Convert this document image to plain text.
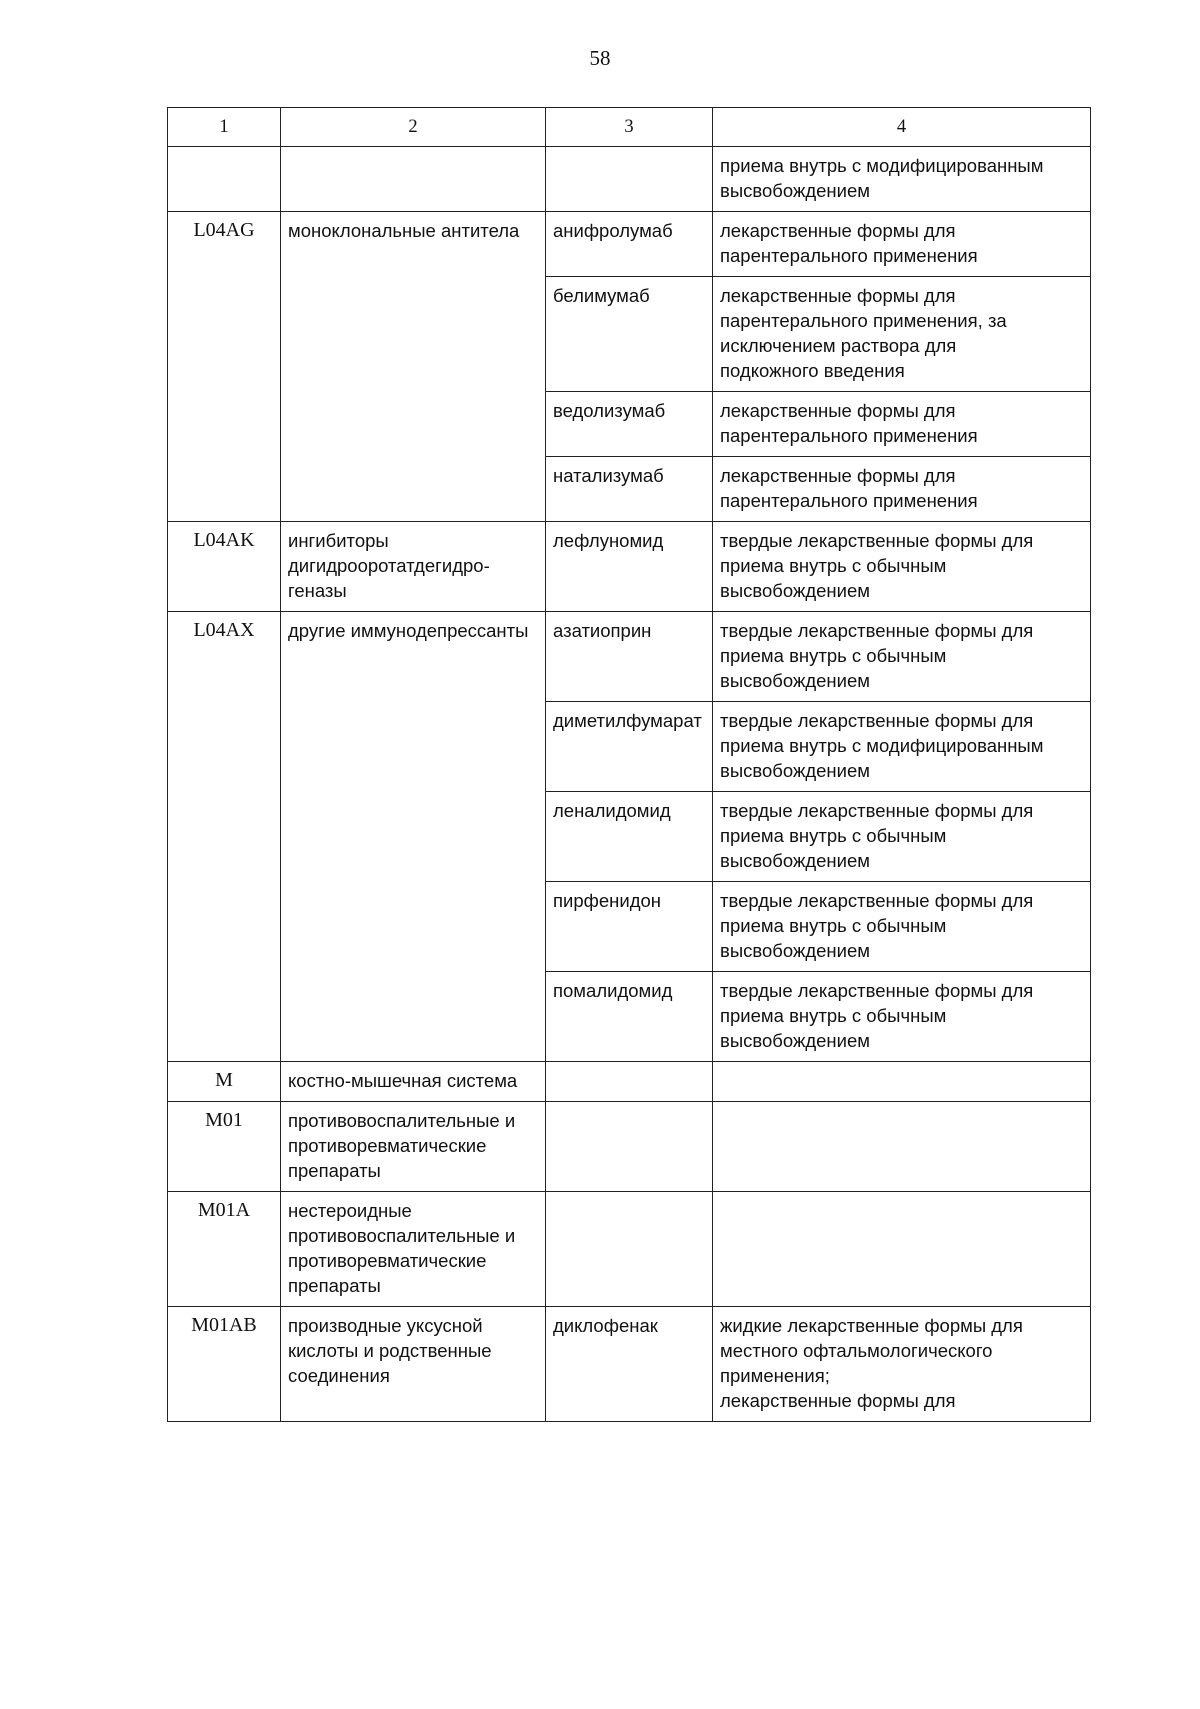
58
1	2	3	4

			приема внутрь с модифицированным
высвобождением

L04AG	моноклональные антитела	анифролумаб	лекарственные формы для
парентерального применения

		белимумаб	лекарственные формы для
парентерального применения, за
исключением раствора для
подкожного введения

		ведолизумаб	лекарственные формы для
парентерального применения

		натализумаб	лекарственные формы для
парентерального применения

L04AK	ингибиторы дигидрооротатдегидро-геназы	лефлуномид	твердые лекарственные формы для
приема внутрь с обычным
высвобождением

L04AX	другие иммунодепрессанты	азатиоприн	твердые лекарственные формы для
приема внутрь с обычным
высвобождением

		диметилфумарат	твердые лекарственные формы для
приема внутрь с модифицированным
высвобождением

		леналидомид	твердые лекарственные формы для
приема внутрь с обычным
высвобождением

		пирфенидон	твердые лекарственные формы для
приема внутрь с обычным
высвобождением

		помалидомид	твердые лекарственные формы для
приема внутрь с обычным
высвобождением

M	костно-мышечная система		
M01	противовоспалительные и противоревматические препараты		
M01A	нестероидные противовоспалительные и противоревматические препараты		
M01AB	производные уксусной кислоты и родственные соединения	диклофенак	жидкие лекарственные формы для
местного офтальмологического
применения;
лекарственные формы для
